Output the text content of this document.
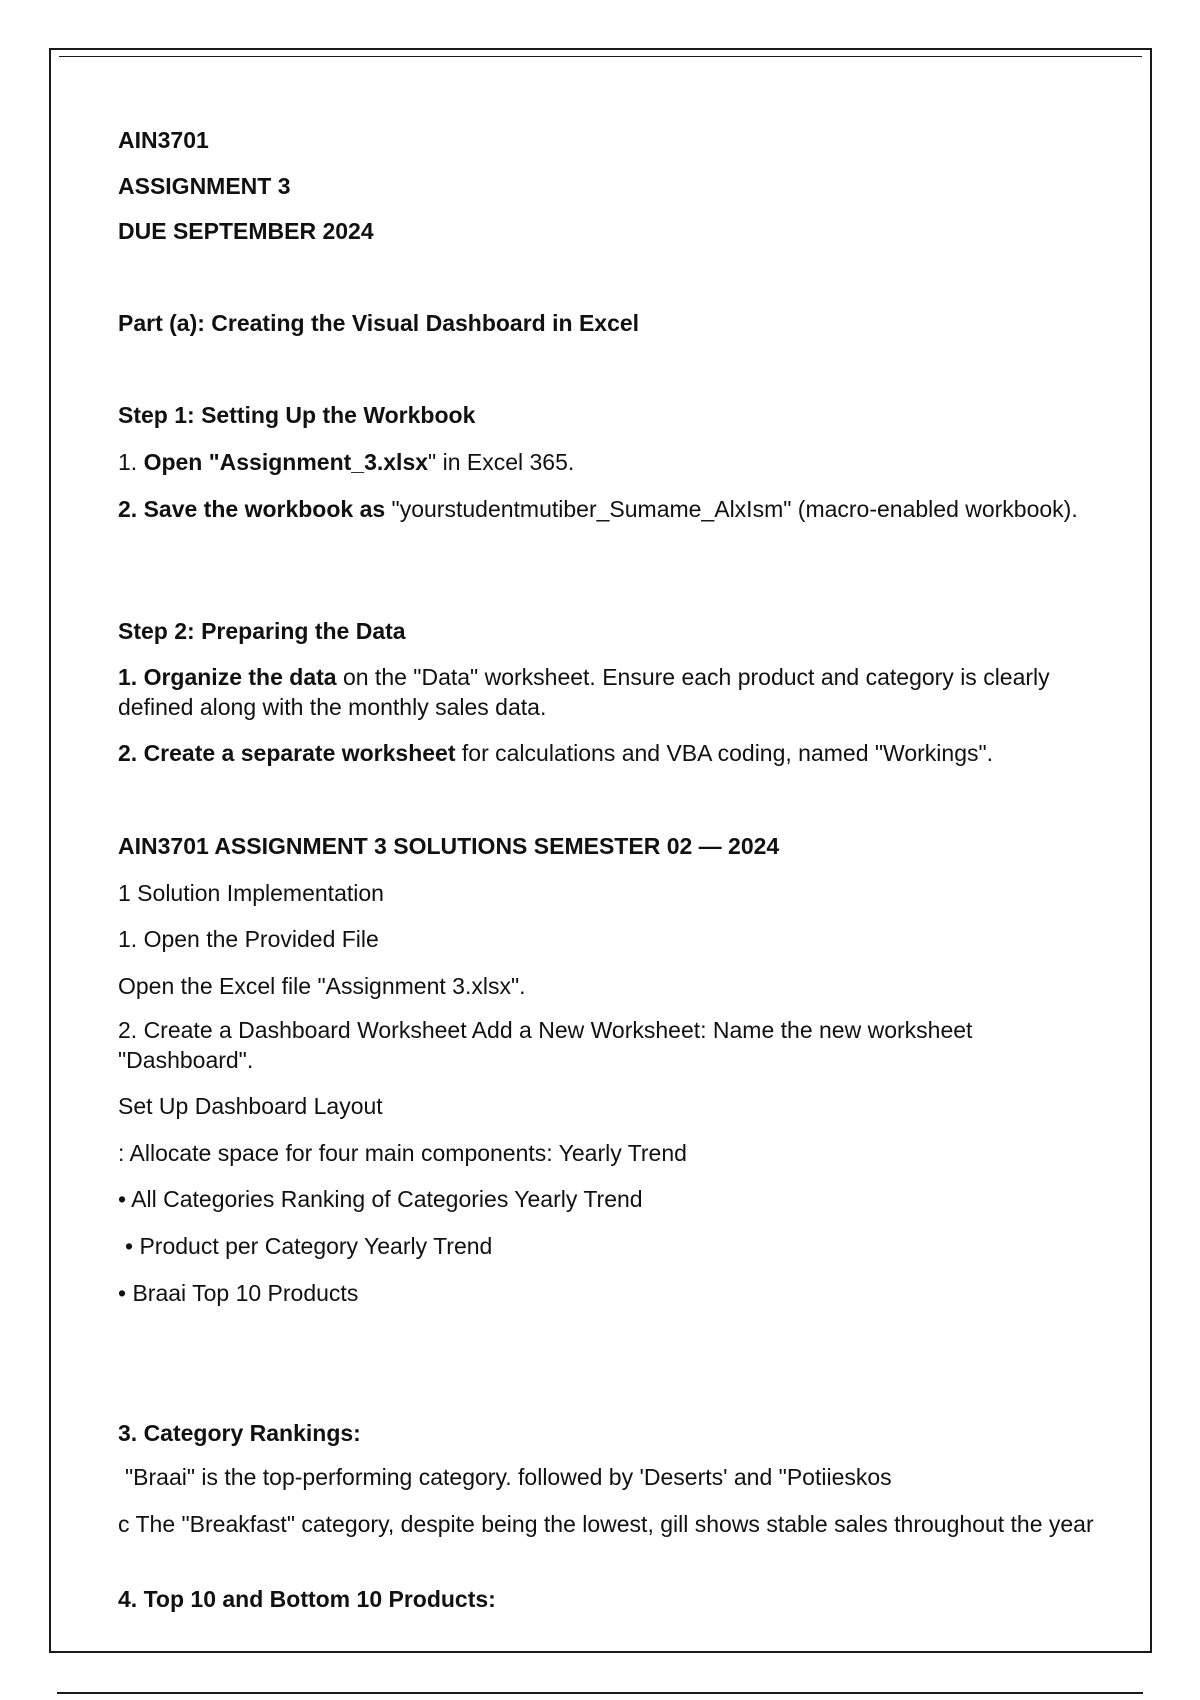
AIN3701

ASSIGNMENT 3

DUE SEPTEMBER 2024

Part (a): Creating the Visual Dashboard in Excel

Step 1: Setting Up the Workbook

1. Open "Assignment_3.xlsx" in Excel 365.

2. Save the workbook as "yourstudentmutiber_Sumame_AlxIsm" (macro-enabled workbook).

Step 2: Preparing the Data

1. Organize the data on the "Data" worksheet. Ensure each product and category is clearly defined along with the monthly sales data.

2. Create a separate worksheet for calculations and VBA coding, named "Workings".

AIN3701 ASSIGNMENT 3 SOLUTIONS SEMESTER 02 — 2024

1 Solution Implementation

1. Open the Provided File

Open the Excel file "Assignment 3.xlsx".

2. Create a Dashboard Worksheet Add a New Worksheet: Name the new worksheet "Dashboard".

Set Up Dashboard Layout

: Allocate space for four main components: Yearly Trend

• All Categories Ranking of Categories Yearly Trend

• Product per Category Yearly Trend

• Braai Top 10 Products

3. Category Rankings:

"Braai" is the top-performing category. followed by 'Deserts' and "Potiieskos

c The "Breakfast" category, despite being the lowest, gill shows stable sales throughout the year

4. Top 10 and Bottom 10 Products:
